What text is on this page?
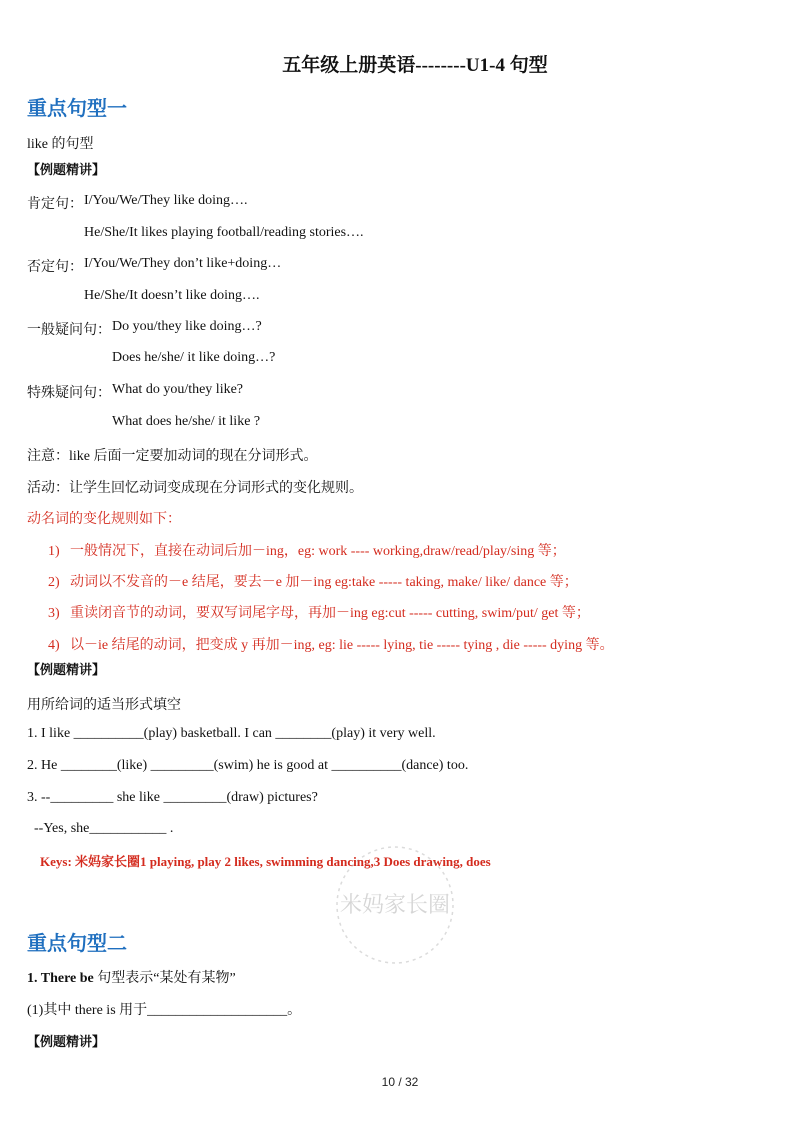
五年级上册英语--------U1-4 句型
重点句型一
like 的句型
【例题精讲】
肯定句： I/You/We/They like doing….
He/She/It likes playing football/reading stories….
否定句： I/You/We/They don’t like+doing…
He/She/It doesn’t like doing….
一般疑问句： Do you/they like doing…?
Does he/she/ it like doing…?
特殊疑问句： What do you/they like?
What does he/she/ it like ?
注意：like 后面一定要加动词的现在分词形式。
活动：让学生回忆动词变成现在分词形式的变化规则。
动名词的变化规则如下：
1) 一般情况下，直接在动词后加－ing，eg: work ---- working,draw/read/play/sing 等；
2) 动词以不发音的－e 结尾，要去－e 加－ing eg:take ----- taking, make/ like/ dance 等；
3) 重读闭音节的动词，要双写词尾字母，再加－ing eg:cut ----- cutting, swim/put/ get 等；
4) 以－ie 结尾的动词，把变成 y 再加－ing, eg: lie ----- lying, tie ----- tying , die ----- dying 等。
【例题精讲】
用所给词的适当形式填空
1. I like __________(play) basketball. I can ________(play) it very well.
2. He ________(like) _________(swim) he is good at __________(dance) too.
3. --_________ she like _________(draw) pictures?
--Yes, she___________ .
Keys: 米妈家长圈1 playing, play 2 likes, swimming dancing,3 Does drawing, does
米妈家长圈
重点句型二
1. There be 句型表示“某处有某物”
(1)其中 there is 用于____________________。
【例题精讲】
10 / 32
